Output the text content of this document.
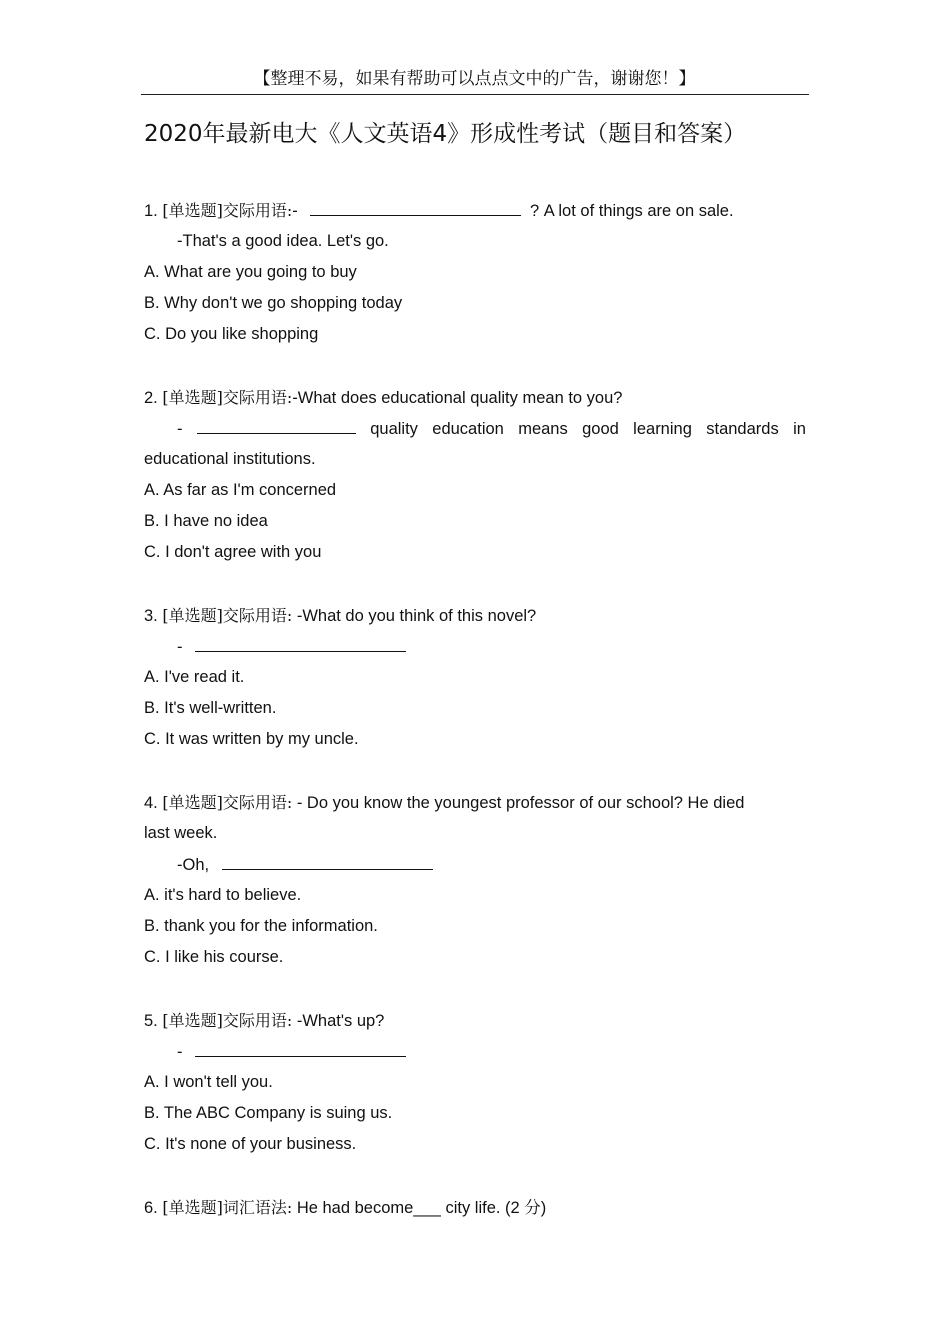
【整理不易，如果有帮助可以点点文中的广告，谢谢您！】
2020年最新电大《人文英语4》形成性考试（题目和答案）
1. [单选题]交际用语:-	? A lot of things are on sale.
-That's a good idea. Let's go.
A. What are you going to buy
B. Why don't we go shopping today
C. Do you like shopping
2. [单选题]交际用语:-What does educational quality mean to you?
-	quality education means good learning standards in
educational institutions.
A. As far as I'm concerned
B. I have no idea
C. I don't agree with you
3. [单选题]交际用语: -What do you think of this novel?
-
A. I've read it.
B. It's well-written.
C. It was written by my uncle.
4. [单选题]交际用语: - Do you know the youngest professor of our school? He died
last week.
-Oh,
A. it's hard to believe.
B. thank you for the information.
C. I like his course.
5. [单选题]交际用语: -What's up?
-
A. I won't tell you.
B. The ABC Company is suing us.
C. It's none of your business.
6. [单选题]词汇语法: He had become___ city life. (2 分)
